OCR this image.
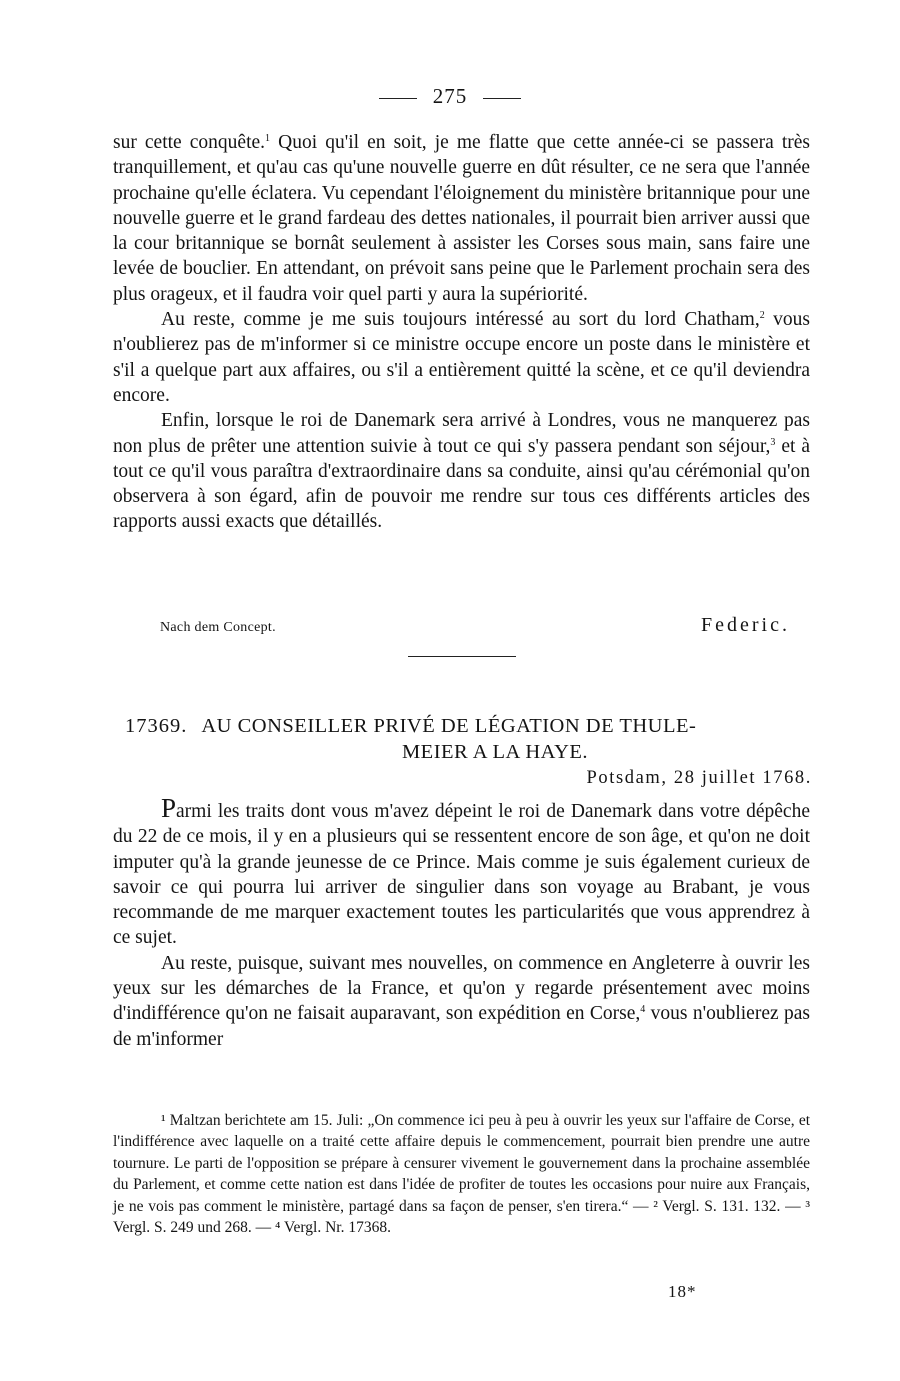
275

sur cette conquête.$^1$ Quoi qu'il en soit, je me flatte que cette année-ci se passera très tranquillement, et qu'au cas qu'une nouvelle guerre en dût résulter, ce ne sera que l'année prochaine qu'elle éclatera. Vu cependant l'éloignement du ministère britannique pour une nouvelle guerre et le grand fardeau des dettes nationales, il pourrait bien arriver aussi que la cour britannique se bornât seulement à assister les Corses sous main, sans faire une levée de bouclier. En attendant, on prévoit sans peine que le Parlement prochain sera des plus orageux, et il faudra voir quel parti y aura la supériorité.

Au reste, comme je me suis toujours intéressé au sort du lord Chatham,$^2$ vous n'oublierez pas de m'informer si ce ministre occupe encore un poste dans le ministère et s'il a quelque part aux affaires, ou s'il a entièrement quitté la scène, et ce qu'il deviendra encore.

Enfin, lorsque le roi de Danemark sera arrivé à Londres, vous ne manquerez pas non plus de prêter une attention suivie à tout ce qui s'y passera pendant son séjour,$^3$ et à tout ce qu'il vous paraîtra d'extraordinaire dans sa conduite, ainsi qu'au cérémonial qu'on observera à son égard, afin de pouvoir me rendre sur tous ces différents articles des rapports aussi exacts que détaillés.

Nach dem Concept.	Federic.
17369. AU CONSEILLER PRIVÉ DE LÉGATION DE THULE-
MEIER A LA HAYE.
Potsdam, 28 juillet 1768.

Parmi les traits dont vous m'avez dépeint le roi de Danemark dans votre dépêche du 22 de ce mois, il y en a plusieurs qui se ressentent encore de son âge, et qu'on ne doit imputer qu'à la grande jeunesse de ce Prince. Mais comme je suis également curieux de savoir ce qui pourra lui arriver de singulier dans son voyage au Brabant, je vous recommande de me marquer exactement toutes les particularités que vous apprendrez à ce sujet.

Au reste, puisque, suivant mes nouvelles, on commence en Angleterre à ouvrir les yeux sur les démarches de la France, et qu'on y regarde présentement avec moins d'indifférence qu'on ne faisait auparavant, son expédition en Corse,$^4$ vous n'oublierez pas de m'informer

¹ Maltzan berichtete am 15. Juli: „On commence ici peu à peu à ouvrir les yeux sur l'affaire de Corse, et l'indifférence avec laquelle on a traité cette affaire depuis le commencement, pourrait bien prendre une autre tournure. Le parti de l'opposition se prépare à censurer vivement le gouvernement dans la prochaine assemblée du Parlement, et comme cette nation est dans l'idée de profiter de toutes les occasions pour nuire aux Français, je ne vois pas comment le ministère, partagé dans sa façon de penser, s'en tirera.“ — ² Vergl. S. 131. 132. — ³ Vergl. S. 249 und 268. — ⁴ Vergl. Nr. 17368.

18*
